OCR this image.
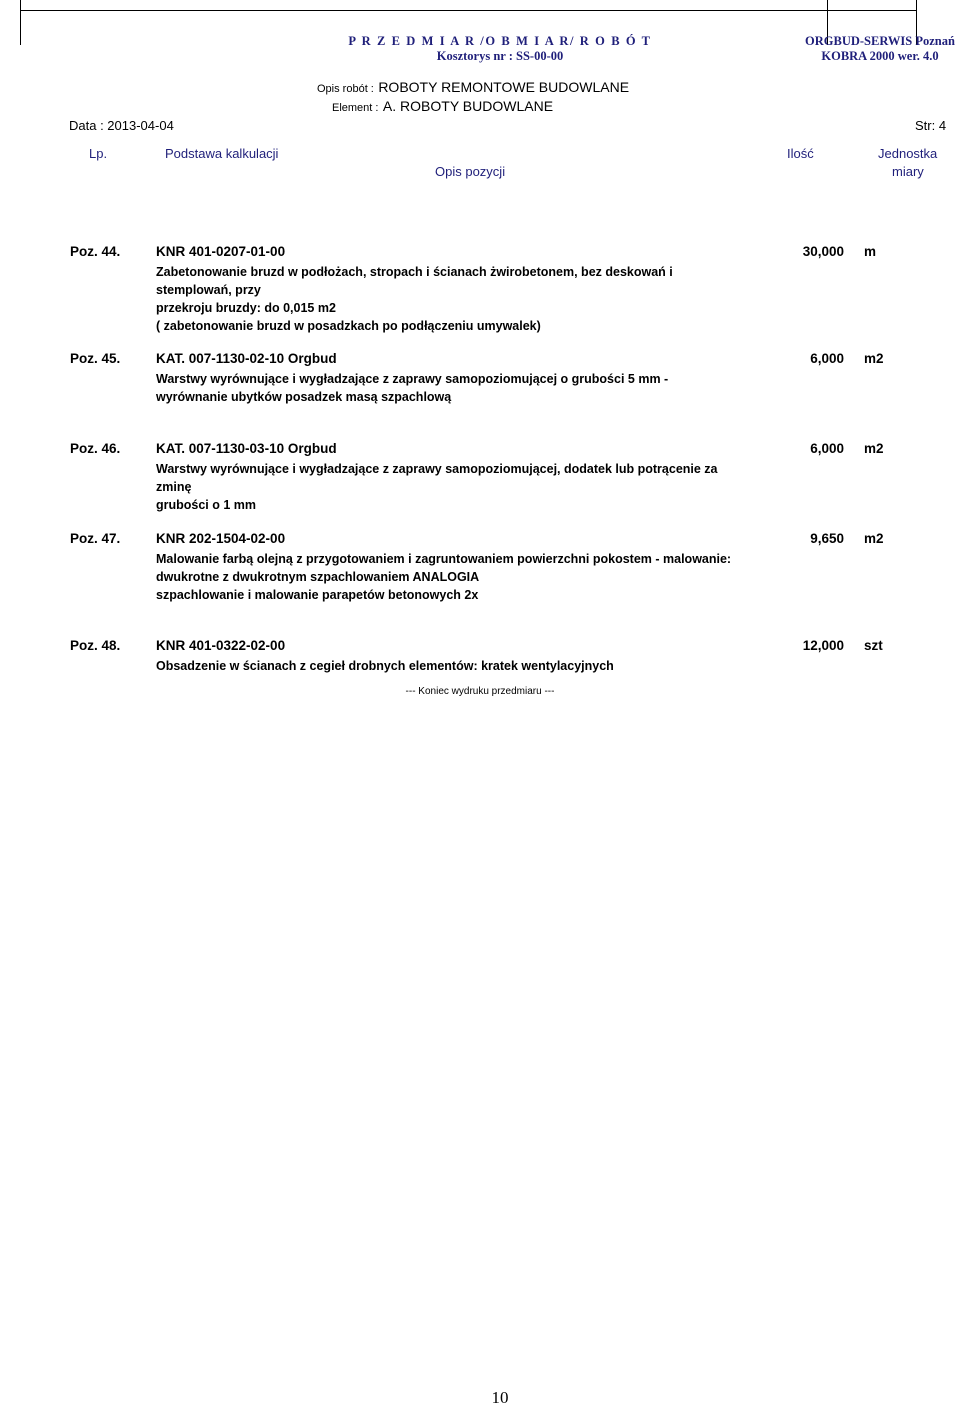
P R Z E D M I A R /O B M I A R/ R O B Ó T
Kosztorys nr : SS-00-00
ORGBUD-SERWIS Poznań
KOBRA 2000 wer. 4.0
Opis robót : ROBOTY REMONTOWE BUDOWLANE
Element : A. ROBOTY BUDOWLANE
Data : 2013-04-04	Str: 4
Lp.	Podstawa kalkulacji	Ilość	Jednostka
Opis pozycji	miary
Poz. 44.	KNR 401-0207-01-00	30,000 m
Zabetonowanie bruzd w podłożach, stropach i ścianach żwirobetonem, bez deskowań i stemplowań, przy
przekroju bruzdy: do 0,015 m2
( zabetonowanie bruzd w posadzkach po podłączeniu umywalek)
Poz. 45.	KAT. 007-1130-02-10 Orgbud	6,000 m2
Warstwy wyrównujące i wygładzające z zaprawy samopoziomującej o grubości 5 mm -
wyrównanie ubytków posadzek masą szpachlową
Poz. 46.	KAT. 007-1130-03-10 Orgbud	6,000 m2
Warstwy wyrównujące i wygładzające z zaprawy samopoziomującej, dodatek lub potrącenie za zminę
grubości o 1 mm
Poz. 47.	KNR 202-1504-02-00	9,650 m2
Malowanie farbą olejną z przygotowaniem i zagruntowaniem powierzchni pokostem - malowanie:
dwukrotne z dwukrotnym szpachlowaniem ANALOGIA
szpachlowanie i malowanie parapetów betonowych 2x
Poz. 48.	KNR 401-0322-02-00	12,000 szt
Obsadzenie w ścianach z cegieł drobnych elementów: kratek wentylacyjnych
--- Koniec wydruku przedmiaru ---
10
